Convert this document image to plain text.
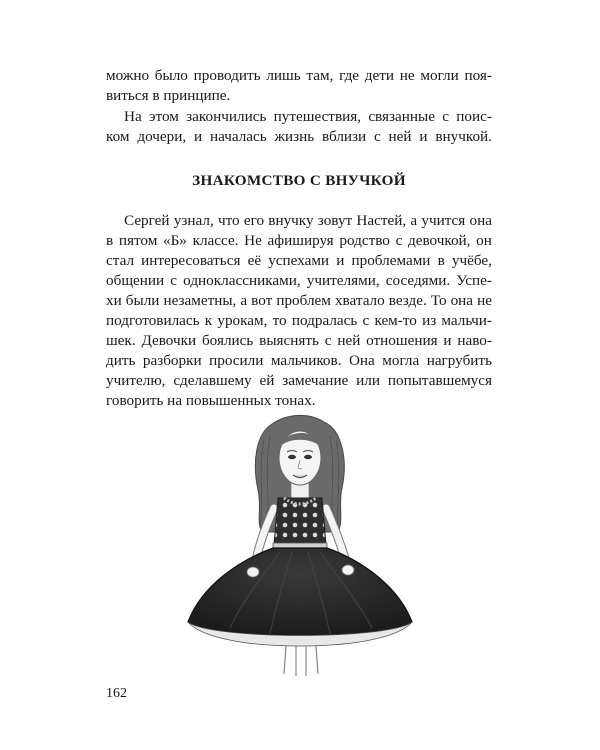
можно было проводить лишь там, где дети не могли поя-
виться в принципе.
На этом закончились путешествия, связанные с поис-
ком дочери, и началась жизнь вблизи с ней и внучкой.
ЗНАКОМСТВО С ВНУЧКОЙ
Сергей узнал, что его внучку зовут Настей, а учится она
в пятом «Б» классе. Не афишируя родство с девочкой, он
стал интересоваться её успехами и проблемами в учёбе,
общении с одноклассниками, учителями, соседями. Успе-
хи были незаметны, а вот проблем хватало везде. То она не
подготовилась к урокам, то подралась с кем-то из мальчи-
шек. Девочки боялись выяснять с ней отношения и наво-
дить разборки просили мальчиков. Она могла нагрубить
учителю, сделавшему ей замечание или попытавшемуся
говорить на повышенных тонах.
162
